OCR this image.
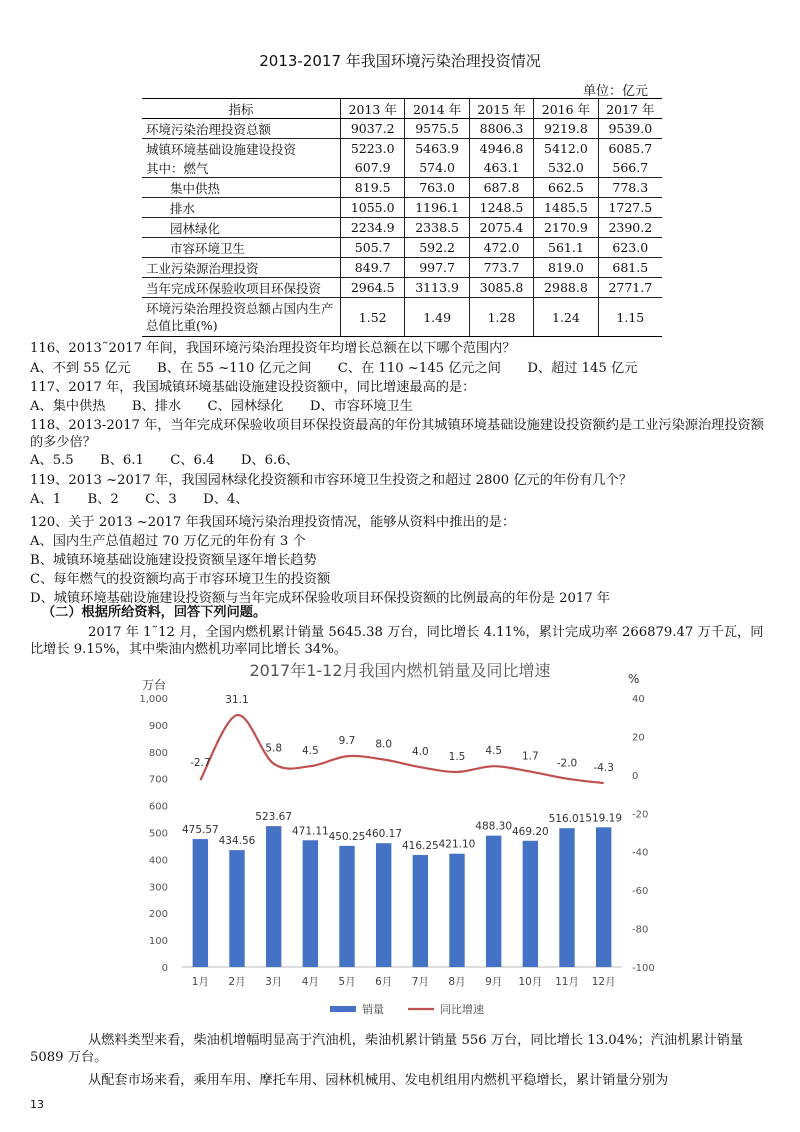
2013-2017 年我国环境污染治理投资情况
单位：亿元
指标	2013 年	2014 年	2015 年	2016 年	2017 年
环境污染治理投资总额	9037.2	9575.5	8806.3	9219.8	9539.0
城镇环境基础设施建设投资	5223.0	5463.9	4946.8	5412.0	6085.7
其中：燃气	607.9	574.0	463.1	532.0	566.7
集中供热	819.5	763.0	687.8	662.5	778.3
排水	1055.0	1196.1	1248.5	1485.5	1727.5
园林绿化	2234.9	2338.5	2075.4	2170.9	2390.2
市容环境卫生	505.7	592.2	472.0	561.1	623.0
工业污染源治理投资	849.7	997.7	773.7	819.0	681.5
当年完成环保验收项目环保投资	2964.5	3113.9	3085.8	2988.8	2771.7
环境污染治理投资总额占国内生产总值比重(%)	1.52	1.49	1.28	1.24	1.15
116、2013˜2017 年间，我国环境污染治理投资年均增长总额在以下哪个范围内？
A、不到 55 亿元　　B、在 55 ~110 亿元之间　　C、在 110 ~145 亿元之间　　D、超过 145 亿元
117、2017 年，我国城镇环境基础设施建设投资额中，同比增速最高的是：
A、集中供热　　B、排水　　C、园林绿化　　D、市容环境卫生
118、2013-2017 年，当年完成环保验收项目环保投资最高的年份其城镇环境基础设施建设投资额约是工业污染源治理投资额的多少倍？
A、5.5　　B、6.1　　C、6.4　　D、6.6、
119、2013 ~2017 年，我国园林绿化投资额和市容环境卫生投资之和超过 2800 亿元的年份有几个？
A、1　　B、2　　C、3　　D、4、
120、关于 2013 ~2017 年我国环境污染治理投资情况，能够从资料中推出的是：
A、国内生产总值超过 70 万亿元的年份有 3 个
B、城镇环境基础设施建设投资额呈逐年增长趋势
C、每年燃气的投资额均高于市容环境卫生的投资额
D、城镇环境基础设施建设投资额与当年完成环保验收项目环保投资额的比例最高的年份是 2017 年
（二）根据所给资料，回答下列问题。
2017 年 1˜12 月，全国内燃机累计销量 5645.38 万台，同比增长 4.11%，累计完成功率 266879.47 万千瓦，同比增长 9.15%，其中柴油内燃机功率同比增长 34%。
2017年1-12月我国内燃机销量及同比增速
万台	%
0
100
200
300
400
500
600
700
800
900
1,000
-100
-80
-60
-40
-20
0
20
40
475.57
1月
434.56
2月
523.67
3月
471.11
4月
450.25
5月
460.17
6月
416.25
7月
421.10
8月
488.30
9月
469.20
10月
516.01
11月
519.19
12月
-2.7
31.1
5.8 4.5
9.7 8.0
4.0 1.5 4.5 1.7
-2.0 -4.3
销量	同比增速
从燃料类型来看，柴油机增幅明显高于汽油机，柴油机累计销量 556 万台，同比增长 13.04%；汽油机累计销量 5089 万台。
从配套市场来看，乘用车用、摩托车用、园林机械用、发电机组用内燃机平稳增长，累计销量分别为
13
